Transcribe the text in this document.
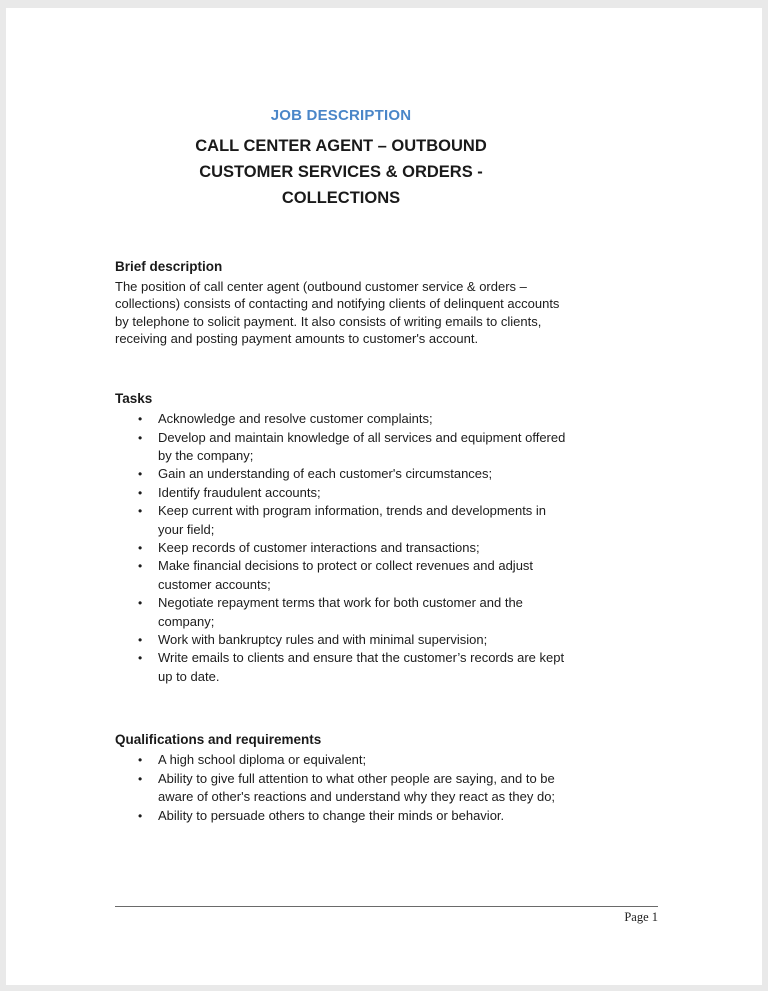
JOB DESCRIPTION
CALL CENTER AGENT – OUTBOUND
CUSTOMER SERVICES & ORDERS -
COLLECTIONS
Brief description
The position of call center agent (outbound customer service & orders – collections) consists of contacting and notifying clients of delinquent accounts by telephone to solicit payment. It also consists of writing emails to clients, receiving and posting payment amounts to customer's account.
Tasks
• Acknowledge and resolve customer complaints;
• Develop and maintain knowledge of all services and equipment offered by the company;
• Gain an understanding of each customer's circumstances;
• Identify fraudulent accounts;
• Keep current with program information, trends and developments in your field;
• Keep records of customer interactions and transactions;
• Make financial decisions to protect or collect revenues and adjust customer accounts;
• Negotiate repayment terms that work for both customer and the company;
• Work with bankruptcy rules and with minimal supervision;
• Write emails to clients and ensure that the customer’s records are kept up to date.
Qualifications and requirements
• A high school diploma or equivalent;
• Ability to give full attention to what other people are saying, and to be aware of other's reactions and understand why they react as they do;
• Ability to persuade others to change their minds or behavior.
Page 1
